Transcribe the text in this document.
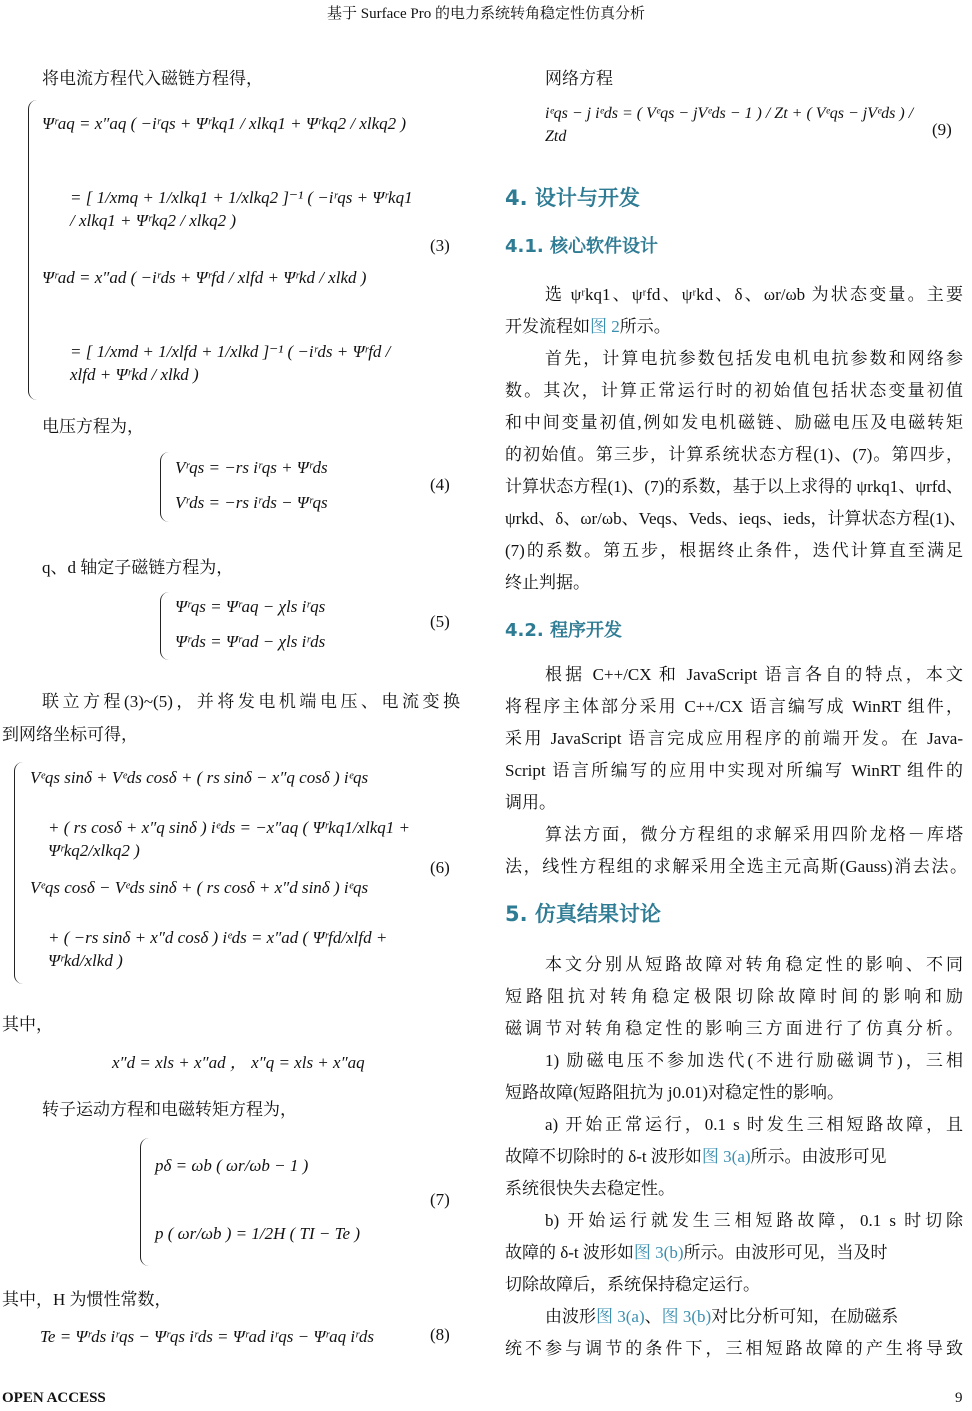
基于 Surface Pro 的电力系统转角稳定性仿真分析
将电流方程代入磁链方程得，
Ψʳaq = x″aq ( −iʳqs + Ψʳkq1 / xlkq1 + Ψʳkq2 / xlkq2 )
= [ 1/xmq + 1/xlkq1 + 1/xlkq2 ]⁻¹ ( −iʳqs + Ψʳkq1 / xlkq1 + Ψʳkq2 / xlkq2 )
Ψʳad = x″ad ( −iʳds + Ψʳfd / xlfd + Ψʳkd / xlkd )
= [ 1/xmd + 1/xlfd + 1/xlkd ]⁻¹ ( −iʳds + Ψʳfd / xlfd + Ψʳkd / xlkd )
(3)
电压方程为，
Vʳqs = −rs iʳqs + Ψʳds
Vʳds = −rs iʳds − Ψʳqs
(4)
q、d 轴定子磁链方程为，
Ψʳqs = Ψʳaq − χls iʳqs
Ψʳds = Ψʳad − χls iʳds
(5)
联立方程(3)~(5)，并将发电机端电压、电流变换
到网络坐标可得，
Vᵉqs sinδ + Vᵉds cosδ + ( rs sinδ − x″q cosδ ) iᵉqs
+ ( rs cosδ + x″q sinδ ) iᵉds = −x″aq ( Ψʳkq1/xlkq1 + Ψʳkq2/xlkq2 )
Vᵉqs cosδ − Vᵉds sinδ + ( rs cosδ + x″d sinδ ) iᵉqs
+ ( −rs sinδ + x″d cosδ ) iᵉds = x″ad ( Ψʳfd/xlfd + Ψʳkd/xlkd )
(6)
其中，
x″d = xls + x″ad ， x″q = xls + x″aq
转子运动方程和电磁转矩方程为，
pδ = ωb ( ωr/ωb − 1 )
p ( ωr/ωb ) = 1/2H ( TI − Te )
(7)
其中，H 为惯性常数，
Te = Ψʳds iʳqs − Ψʳqs iʳds = Ψʳad iʳqs − Ψʳaq iʳds	(8)
网络方程
iᵉqs − j iᵉds = ( Vᵉqs − jVᵉds − 1 ) / Zt + ( Vᵉqs − jVᵉds ) / Ztd	(9)
4. 设计与开发
4.1. 核心软件设计
选 ψʳkq1、ψʳfd、ψʳkd、δ、ωr/ωb 为状态变量。主要
开发流程如图 2所示。
首先，计算电抗参数包括发电机电抗参数和网络参
数。其次，计算正常运行时的初始值包括状态变量初值
和中间变量初值,例如发电机磁链、励磁电压及电磁转矩
的初始值。第三步，计算系统状态方程(1)、(7)。第四步，
计算状态方程(1)、(7)的系数，基于以上求得的 ψrkq1、ψrfd、
ψrkd、δ、ωr/ωb、Veqs、Veds、ieqs、ieds，计算状态方程(1)、
(7)的系数。第五步，根据终止条件，迭代计算直至满足
终止判据。
4.2. 程序开发
根据 C++/CX 和 JavaScript 语言各自的特点，本文
将程序主体部分采用 C++/CX 语言编写成 WinRT 组件，
采用 JavaScript 语言完成应用程序的前端开发。在 Java-
Script 语言所编写的应用中实现对所编写 WinRT 组件的
调用。
算法方面，微分方程组的求解采用四阶龙格－库塔
法，线性方程组的求解采用全选主元高斯(Gauss)消去法。
5. 仿真结果讨论
本文分别从短路故障对转角稳定性的影响、不同
短路阻抗对转角稳定极限切除故障时间的影响和励
磁调节对转角稳定性的影响三方面进行了仿真分析。
1) 励磁电压不参加迭代(不进行励磁调节)，三相
短路故障(短路阻抗为 j0.01)对稳定性的影响。
a) 开始正常运行，0.1 s 时发生三相短路故障，且
故障不切除时的 δ-t 波形如图 3(a)所示。由波形可见
系统很快失去稳定性。
b) 开始运行就发生三相短路故障，0.1 s 时切除
故障的 δ-t 波形如图 3(b)所示。由波形可见，当及时
切除故障后，系统保持稳定运行。
由波形图 3(a)、图 3(b)对比分析可知，在励磁系
统不参与调节的条件下，三相短路故障的产生将导致
OPEN ACCESS	9
